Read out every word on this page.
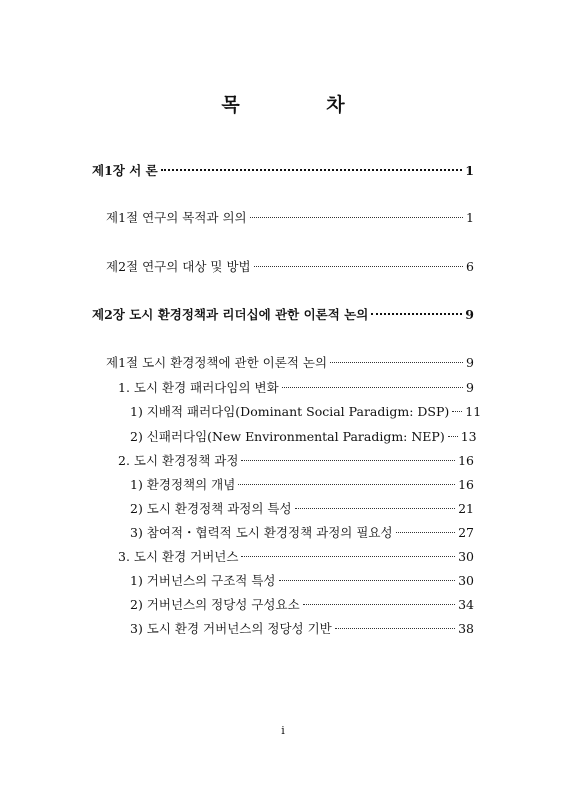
목 차
제1장 서 론	1
제1절 연구의 목적과 의의	1
제2절 연구의 대상 및 방법	6
제2장 도시 환경정책과 리더십에 관한 이론적 논의	9
제1절 도시 환경정책에 관한 이론적 논의	9
1. 도시 환경 패러다임의 변화	9
1) 지배적 패러다임(Dominant Social Paradigm: DSP) 11
2) 신패러다임(New Environmental Paradigm: NEP) 13
2. 도시 환경정책 과정	16
1) 환경정책의 개념	16
2) 도시 환경정책 과정의 특성	21
3) 참여적・협력적 도시 환경정책 과정의 필요성	27
3. 도시 환경 거버넌스	30
1) 거버넌스의 구조적 특성	30
2) 거버넌스의 정당성 구성요소	34
3) 도시 환경 거버넌스의 정당성 기반	38
i
